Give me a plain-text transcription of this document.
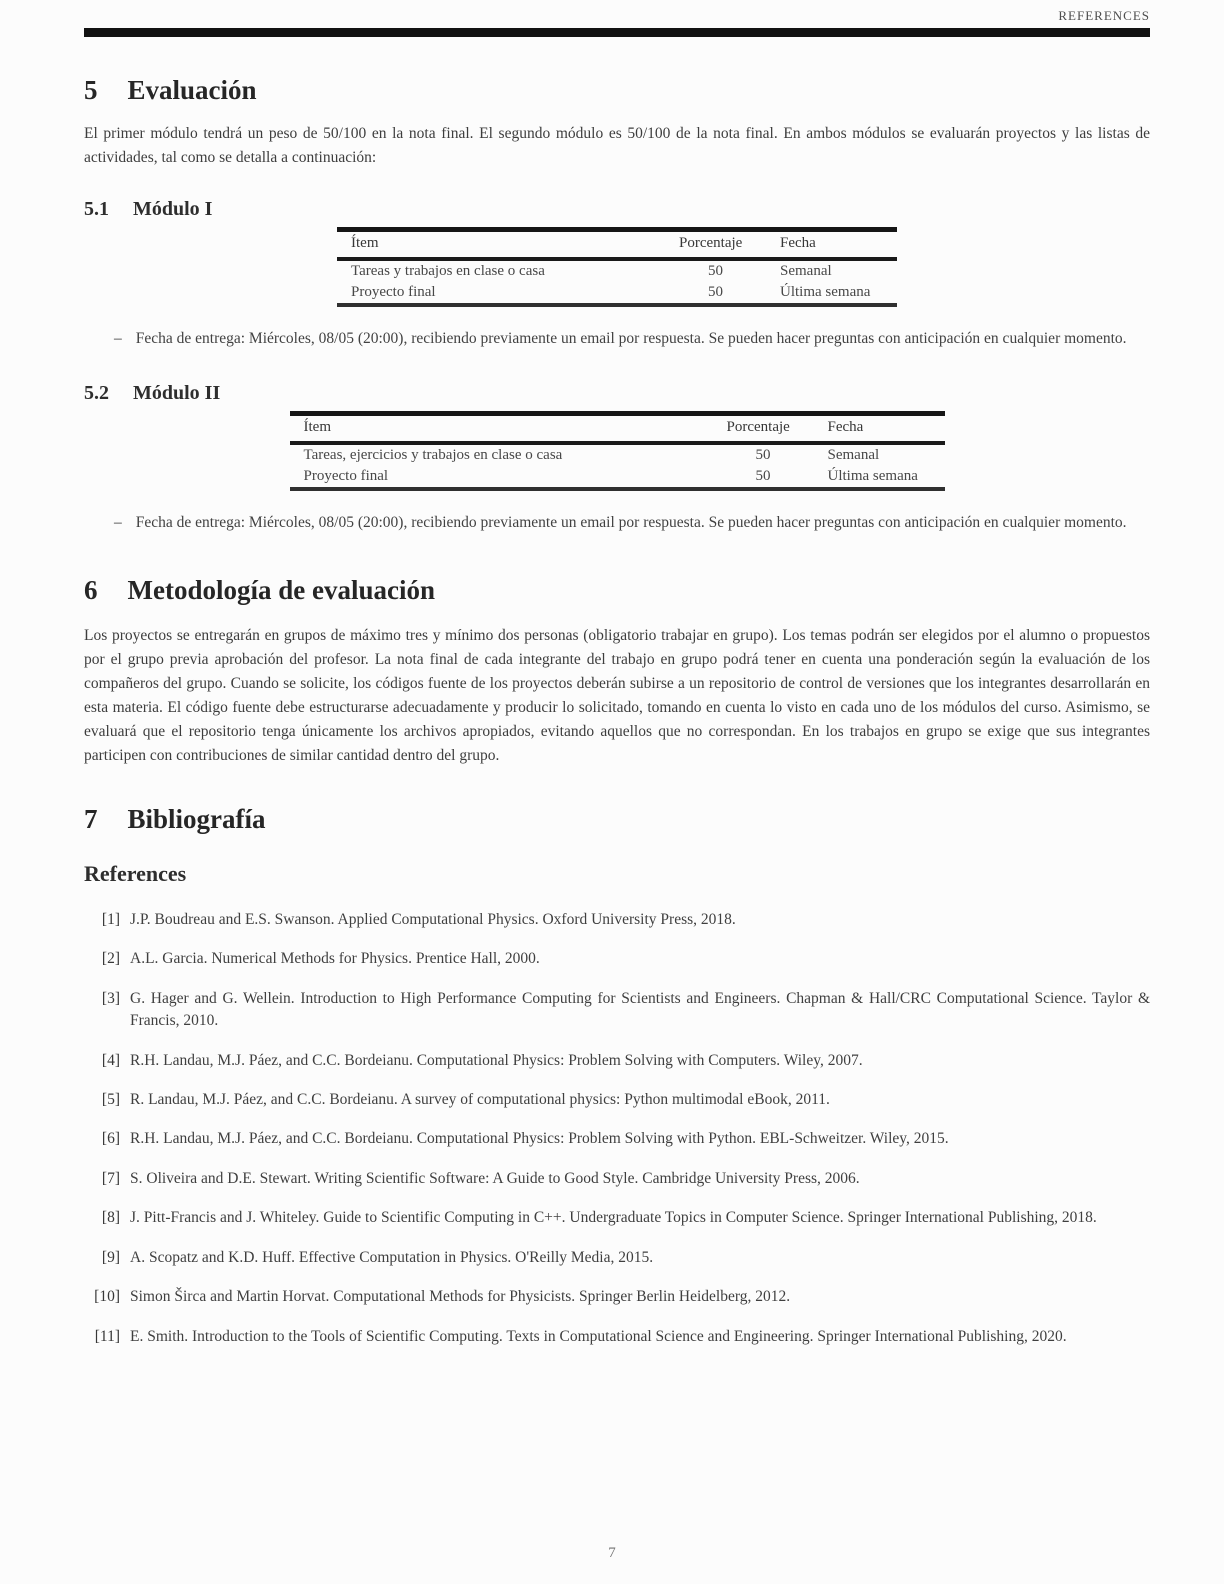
REFERENCES
5 Evaluación
El primer módulo tendrá un peso de 50/100 en la nota final. El segundo módulo es 50/100 de la nota final. En ambos módulos se evaluarán proyectos y las listas de actividades, tal como se detalla a continuación:
5.1 Módulo I
Ítem	Porcentaje	Fecha
Tareas y trabajos en clase o casa	50	Semanal
Proyecto final	50	Última semana
– Fecha de entrega: Miércoles, 08/05 (20:00), recibiendo previamente un email por respuesta. Se pueden hacer preguntas con anticipación en cualquier momento.
5.2 Módulo II
Ítem	Porcentaje	Fecha
Tareas, ejercicios y trabajos en clase o casa	50	Semanal
Proyecto final	50	Última semana
– Fecha de entrega: Miércoles, 08/05 (20:00), recibiendo previamente un email por respuesta. Se pueden hacer preguntas con anticipación en cualquier momento.
6 Metodología de evaluación
Los proyectos se entregarán en grupos de máximo tres y mínimo dos personas (obligatorio trabajar en grupo). Los temas podrán ser elegidos por el alumno o propuestos por el grupo previa aprobación del profesor. La nota final de cada integrante del trabajo en grupo podrá tener en cuenta una ponderación según la evaluación de los compañeros del grupo. Cuando se solicite, los códigos fuente de los proyectos deberán subirse a un repositorio de control de versiones que los integrantes desarrollarán en esta materia. El código fuente debe estructurarse adecuadamente y producir lo solicitado, tomando en cuenta lo visto en cada uno de los módulos del curso. Asimismo, se evaluará que el repositorio tenga únicamente los archivos apropiados, evitando aquellos que no correspondan. En los trabajos en grupo se exige que sus integrantes participen con contribuciones de similar cantidad dentro del grupo.
7 Bibliografía
References
[1] J.P. Boudreau and E.S. Swanson. Applied Computational Physics. Oxford University Press, 2018.
[2] A.L. Garcia. Numerical Methods for Physics. Prentice Hall, 2000.
[3] G. Hager and G. Wellein. Introduction to High Performance Computing for Scientists and Engineers. Chapman & Hall/CRC Computational Science. Taylor & Francis, 2010.
[4] R.H. Landau, M.J. Páez, and C.C. Bordeianu. Computational Physics: Problem Solving with Computers. Wiley, 2007.
[5] R. Landau, M.J. Páez, and C.C. Bordeianu. A survey of computational physics: Python multimodal eBook, 2011.
[6] R.H. Landau, M.J. Páez, and C.C. Bordeianu. Computational Physics: Problem Solving with Python. EBL-Schweitzer. Wiley, 2015.
[7] S. Oliveira and D.E. Stewart. Writing Scientific Software: A Guide to Good Style. Cambridge University Press, 2006.
[8] J. Pitt-Francis and J. Whiteley. Guide to Scientific Computing in C++. Undergraduate Topics in Computer Science. Springer International Publishing, 2018.
[9] A. Scopatz and K.D. Huff. Effective Computation in Physics. O'Reilly Media, 2015.
[10] Simon Širca and Martin Horvat. Computational Methods for Physicists. Springer Berlin Heidelberg, 2012.
[11] E. Smith. Introduction to the Tools of Scientific Computing. Texts in Computational Science and Engineering. Springer International Publishing, 2020.
7
